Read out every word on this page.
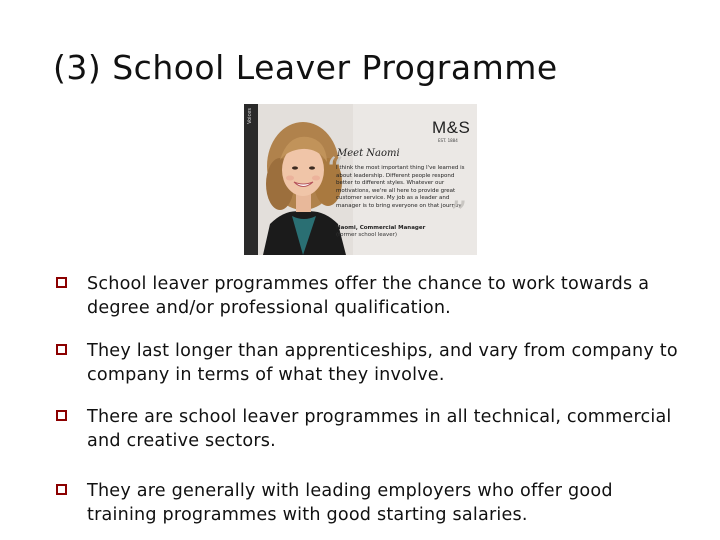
(3) School Leaver Programme
Voices
M&S
EST. 1884
“
Meet Naomi
I think the most important thing I've learned is about leadership. Different people respond better to different styles. Whatever our motivations, we're all here to provide great customer service. My job as a leader and manager is to bring everyone on that journey.
”
Naomi, Commercial Manager
(former school leaver)
School leaver programmes offer the chance to work towards a degree and/or professional qualification.
They last longer than apprenticeships, and vary from company to company in terms of what they involve.
There are school leaver programmes in all technical, commercial and creative sectors.
They are generally with leading employers who offer good training programmes with good starting salaries.
